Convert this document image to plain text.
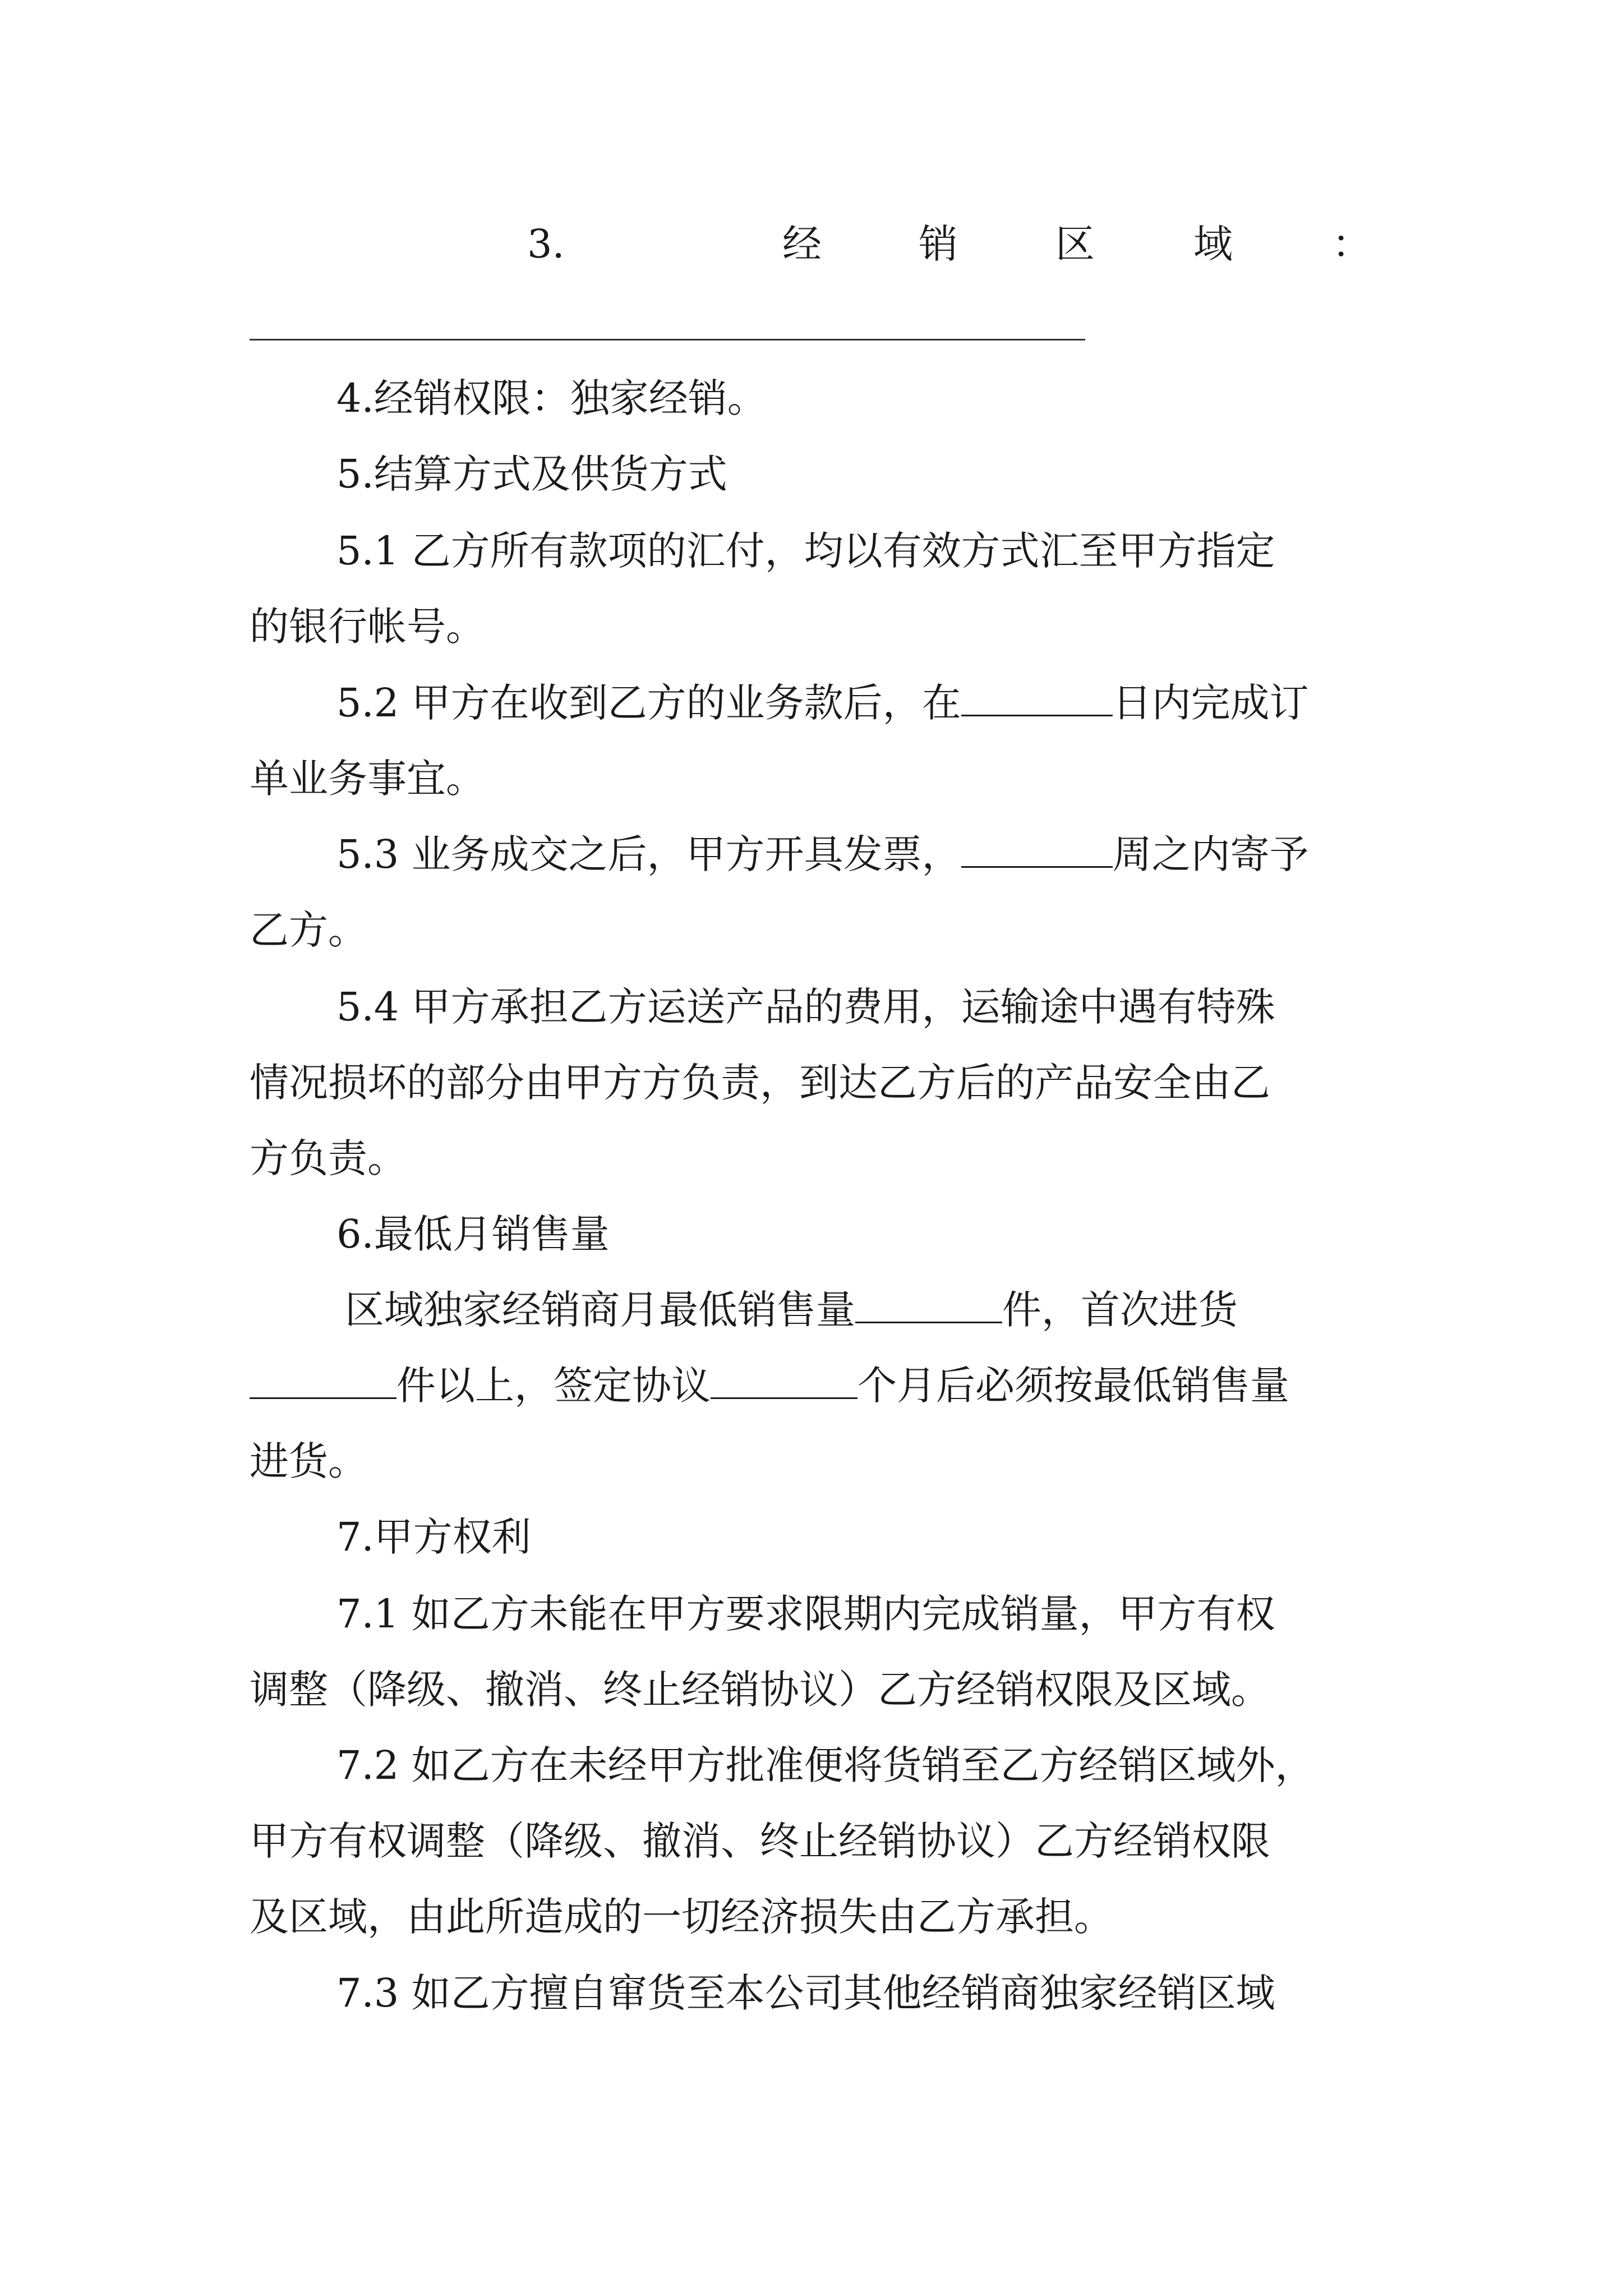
3.	经 销 区	域	：
4.经销权限：独家经销。
5.结算方式及供货方式
5.1 乙方所有款项的汇付，均以有效方式汇至甲方指定
的银行帐号。
5.2 甲方在收到乙方的业务款后，在	日内完成订
单业务事宜。
5.3 业务成交之后，甲方开具发票，	周之内寄予
乙方。
5.4 甲方承担乙方运送产品的费用，运输途中遇有特殊
情况损坏的部分由甲方方负责，到达乙方后的产品安全由乙
方负责。
6.最低月销售量
区域独家经销商月最低销售量	件，首次进货
件以上，签定协议	个月后必须按最低销售量
进货。
7.甲方权利
7.1 如乙方未能在甲方要求限期内完成销量，甲方有权
调整（降级、撤消、终止经销协议）乙方经销权限及区域。
7.2 如乙方在未经甲方批准便将货销至乙方经销区域外，
甲方有权调整（降级、撤消、终止经销协议）乙方经销权限
及区域，由此所造成的一切经济损失由乙方承担。
7.3 如乙方擅自窜货至本公司其他经销商独家经销区域
